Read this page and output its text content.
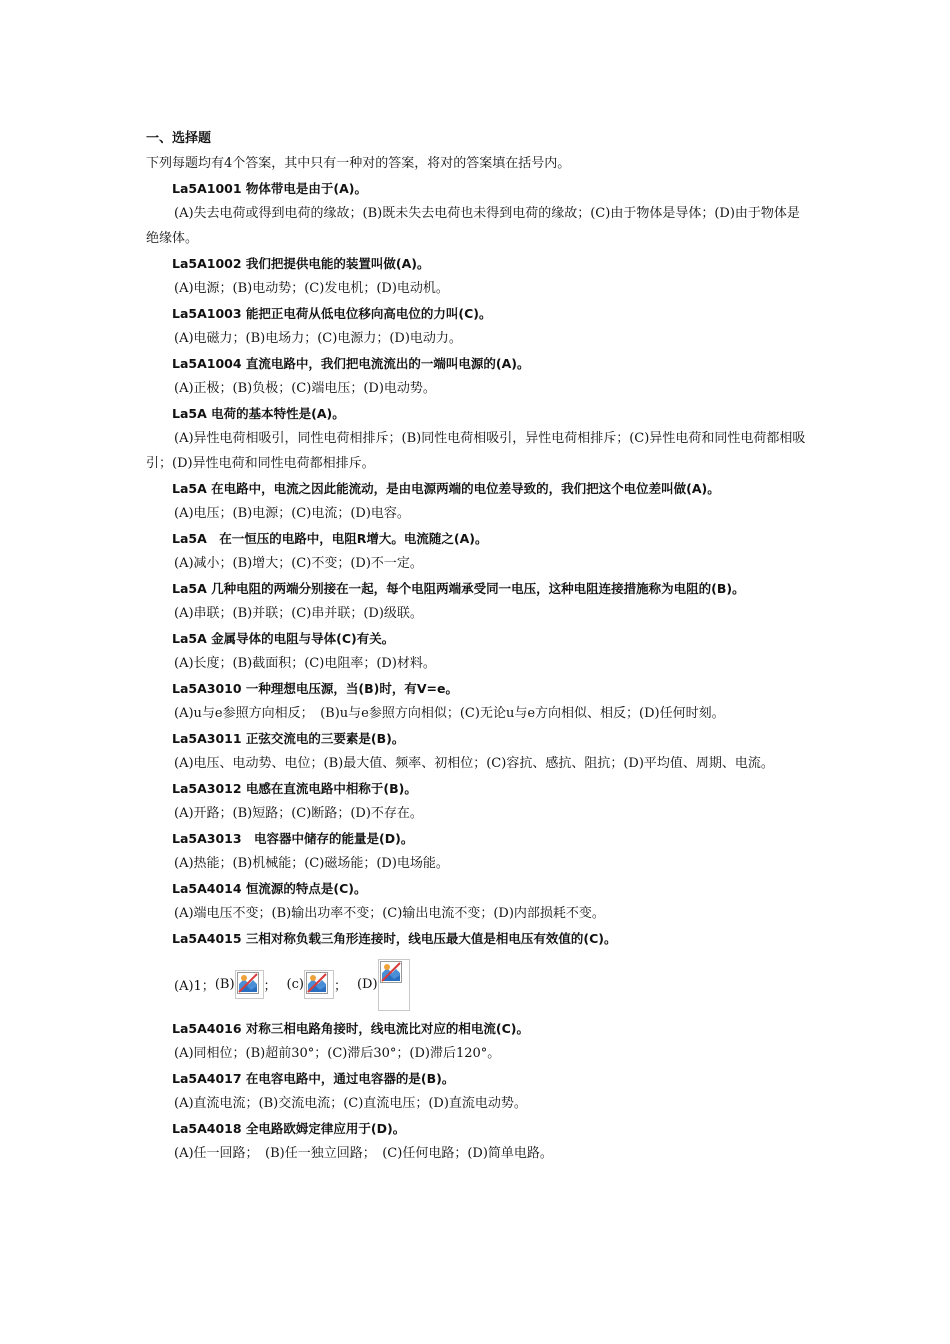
一、选择题
下列每题均有4个答案，其中只有一种对的答案，将对的答案填在括号内。
La5A1001 物体带电是由于(A)。
(A)失去电荷或得到电荷的缘故；(B)既未失去电荷也未得到电荷的缘故；(C)由于物体是导体；(D)由于物体是绝缘体。
La5A1002 我们把提供电能的装置叫做(A)。
(A)电源；(B)电动势；(C)发电机；(D)电动机。
La5A1003 能把正电荷从低电位移向高电位的力叫(C)。
(A)电磁力；(B)电场力；(C)电源力；(D)电动力。
La5A1004 直流电路中，我们把电流流出的一端叫电源的(A)。
(A)正极；(B)负极；(C)端电压；(D)电动势。
La5A 电荷的基本特性是(A)。
(A)异性电荷相吸引，同性电荷相排斥；(B)同性电荷相吸引，异性电荷相排斥；(C)异性电荷和同性电荷都相吸引；(D)异性电荷和同性电荷都相排斥。
La5A 在电路中，电流之因此能流动，是由电源两端的电位差导致的，我们把这个电位差叫做(A)。
(A)电压；(B)电源；(C)电流；(D)电容。
La5A　在一恒压的电路中，电阻R增大。电流随之(A)。
(A)减小；(B)增大；(C)不变；(D)不一定。
La5A 几种电阻的两端分别接在一起，每个电阻两端承受同一电压，这种电阻连接措施称为电阻的(B)。
(A)串联；(B)并联；(C)串并联；(D)级联。
La5A 金属导体的电阻与导体(C)有关。
(A)长度；(B)截面积；(C)电阻率；(D)材料。
La5A3010 一种理想电压源，当(B)时，有V=e。
(A)u与e参照方向相反；　(B)u与e参照方向相似；(C)无论u与e方向相似、相反；(D)任何时刻。
La5A3011 正弦交流电的三要素是(B)。
(A)电压、电动势、电位；(B)最大值、频率、初相位；(C)容抗、感抗、阻抗；(D)平均值、周期、电流。
La5A3012 电感在直流电路中相称于(B)。
(A)开路；(B)短路；(C)断路；(D)不存在。
La5A3013　电容器中储存的能量是(D)。
(A)热能；(B)机械能；(C)磁场能；(D)电场能。
La5A4014 恒流源的特点是(C)。
(A)端电压不变；(B)输出功率不变；(C)输出电流不变；(D)内部损耗不变。
La5A4015 三相对称负载三角形连接时，线电压最大值是相电压有效值的(C)。
(A)1； (B) ； (c) ； (D)
La5A4016 对称三相电路角接时，线电流比对应的相电流(C)。
(A)同相位；(B)超前30°；(C)滞后30°；(D)滞后120°。
La5A4017 在电容电路中，通过电容器的是(B)。
(A)直流电流；(B)交流电流；(C)直流电压；(D)直流电动势。
La5A4018 全电路欧姆定律应用于(D)。
(A)任一回路；　(B)任一独立回路；　(C)任何电路；(D)简单电路。
